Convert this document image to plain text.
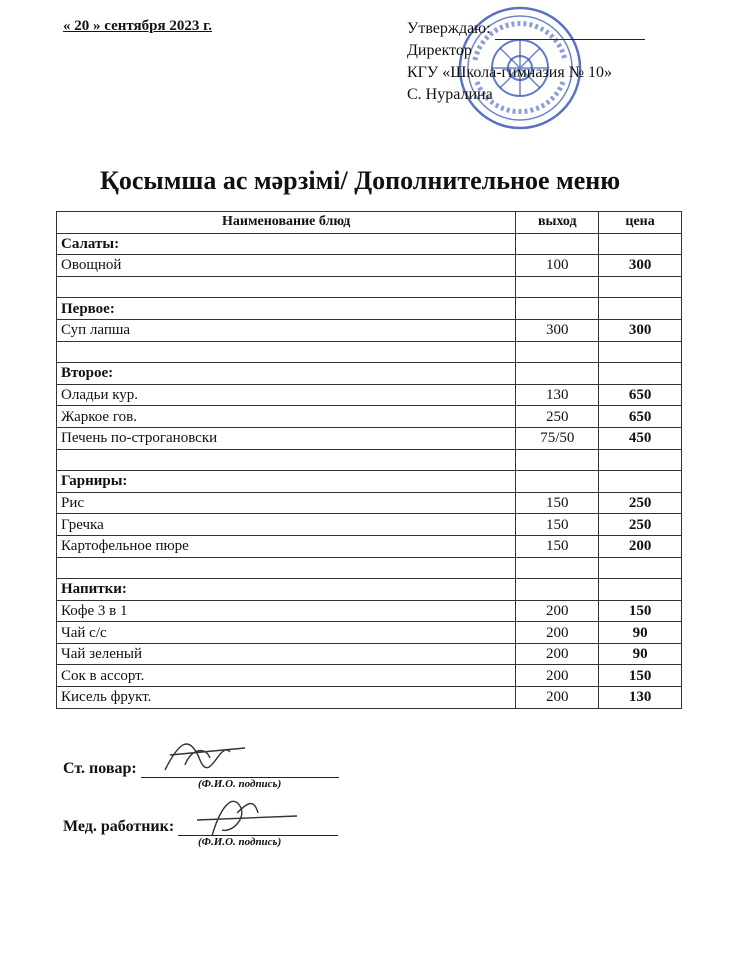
« 20 » сентября 2023 г.	Утверждаю:
Директор
КГУ «Школа-гимназия № 10»
С. Нуралина
Қосымша ас мәрзімі/ Дополнительное меню
Наименование блюд	выход	цена
Салаты:		
Овощной	100	300

Первое:		
Суп лапша	300	300

Второе:		
Оладьи кур.	130	650
Жаркое гов.	250	650
Печень по-строгановски	75/50	450

Гарниры:		
Рис	150	250
Гречка	150	250
Картофельное пюре	150	200

Напитки:		
Кофе 3 в 1	200	150
Чай с/с	200	90
Чай зеленый	200	90
Сок в ассорт.	200	150
Кисель фрукт.	200	130
Ст. повар:
(Ф.И.О. подпись)
Мед. работник:
(Ф.И.О. подпись)
